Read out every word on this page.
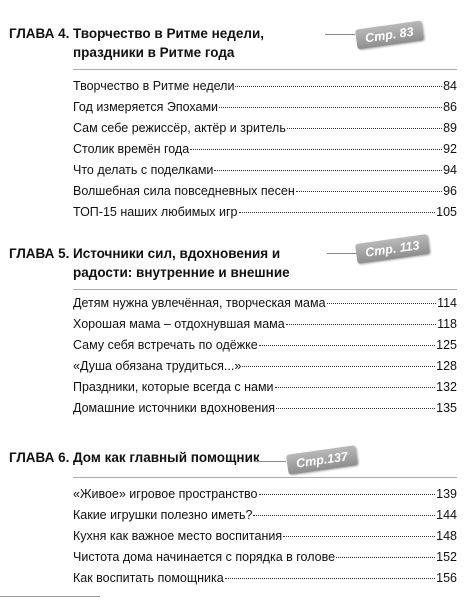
ГЛАВА 4. Творчество в Ритме недели, праздники в Ритме года
Стр. 83
Творчество в Ритме недели	84
Год измеряется Эпохами	86
Сам себе режиссёр, актёр и зритель	89
Столик времён года	92
Что делать с поделками	94
Волшебная сила повседневных песен	96
ТОП-15 наших любимых игр	105
ГЛАВА 5. Источники сил, вдохновения и радости: внутренние и внешние
Стр. 113
Детям нужна увлечённая, творческая мама	114
Хорошая мама – отдохнувшая мама	118
Саму себя встречать по одёжке	125
«Душа обязана трудиться...»	128
Праздники, которые всегда с нами	132
Домашние источники вдохновения	135
ГЛАВА 6. Дом как главный помощник	Стр.137
«Живое» игровое пространство	139
Какие игрушки полезно иметь?	144
Кухня как важное место воспитания	148
Чистота дома начинается с порядка в голове	152
Как воспитать помощника	156
